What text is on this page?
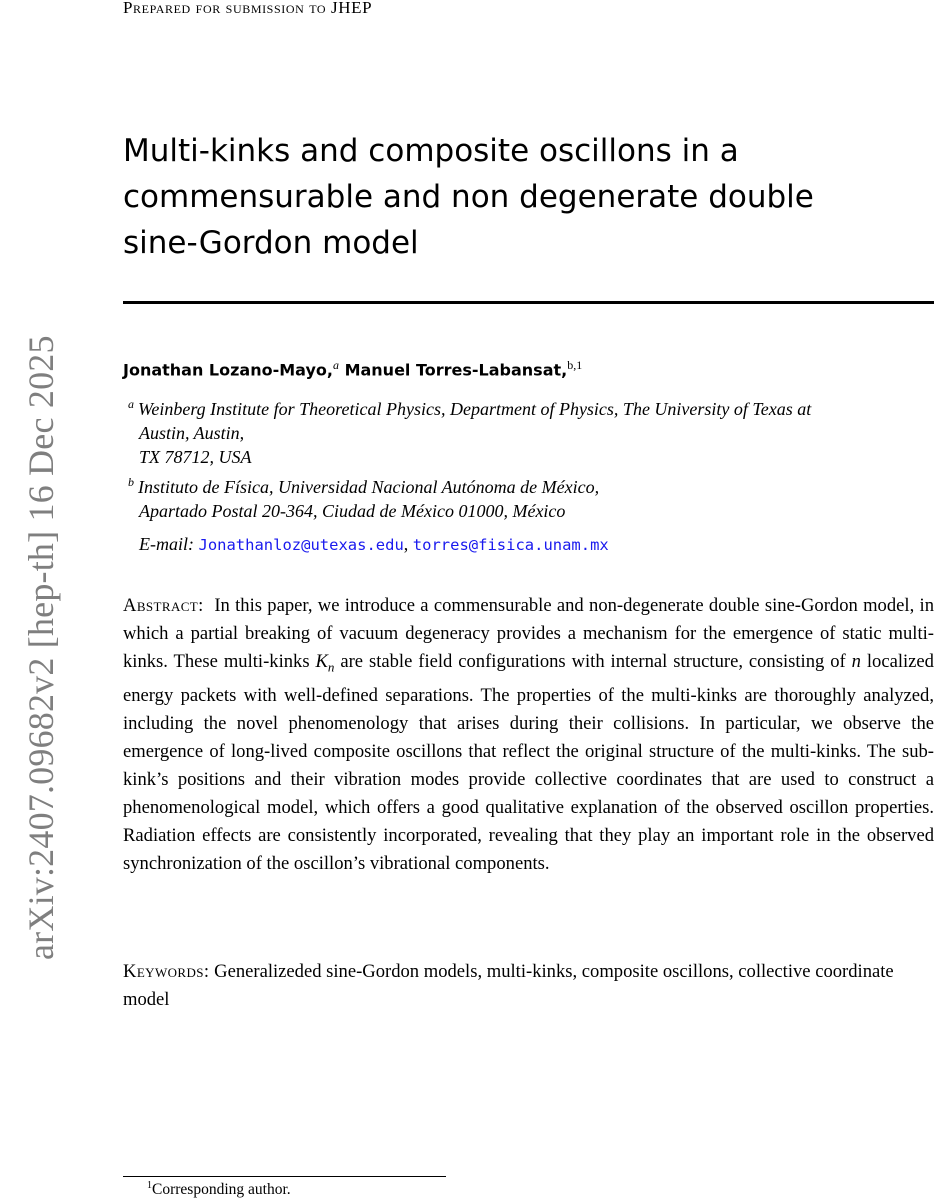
arXiv:2407.09682v2 [hep-th] 16 Dec 2025
Prepared for submission to JHEP
Multi-kinks and composite oscillons in a
commensurable and non degenerate double
sine-Gordon model
Jonathan Lozano-Mayo,$^a$ Manuel Torres-Labansat,$^{b,1}$
$^a$ Weinberg Institute for Theoretical Physics, Department of Physics, The University of Texas at
Austin, Austin,
TX 78712, USA
$^b$ Instituto de Física, Universidad Nacional Autónoma de México,
Apartado Postal 20-364, Ciudad de México 01000, México
E-mail: Jonathanloz@utexas.edu, torres@fisica.unam.mx

Abstract: In this paper, we introduce a commensurable and non-degenerate double sine-Gordon model, in which a partial breaking of vacuum degeneracy provides a mechanism for the emergence of static multi-kinks. These multi-kinks $K_n$ are stable field configurations with internal structure, consisting of n localized energy packets with well-defined separations. The properties of the multi-kinks are thoroughly analyzed, including the novel phenomenology that arises during their collisions. In particular, we observe the emergence of long-lived composite oscillons that reflect the original structure of the multi-kinks. The sub-kink’s positions and their vibration modes provide collective coordinates that are used to construct a phenomenological model, which offers a good qualitative explanation of the observed oscillon properties. Radiation effects are consistently incorporated, revealing that they play an important role in the observed synchronization of the oscillon’s vibrational components.

Keywords: Generalizeded sine-Gordon models, multi-kinks, composite oscillons, collective coordinate model

$^1$Corresponding author.
